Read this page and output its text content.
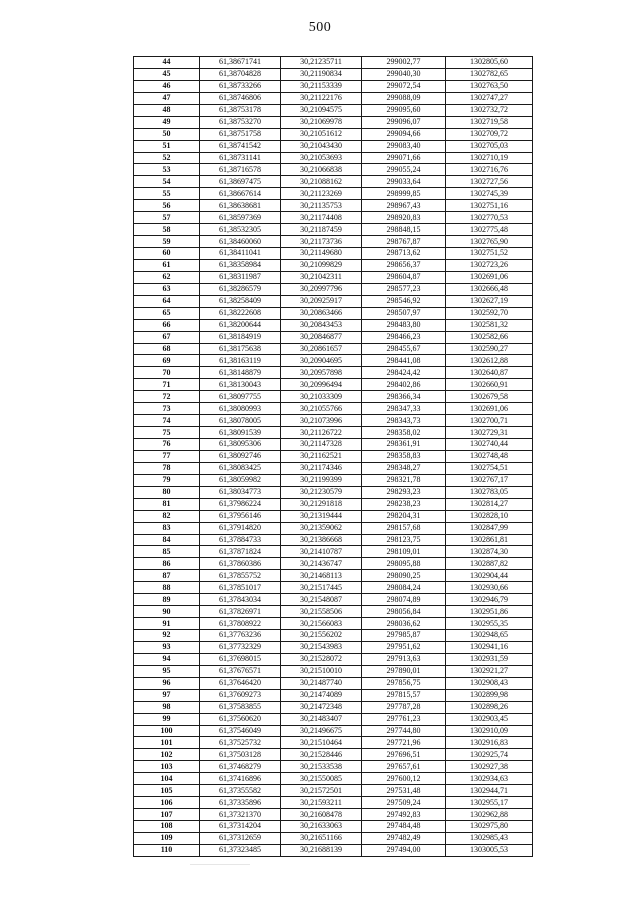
500
44	61,38671741	30,21235711	299002,77	1302805,60
45	61,38704828	30,21190834	299040,30	1302782,65
46	61,38733266	30,21153339	299072,54	1302763,50
47	61,38746806	30,21122176	299088,09	1302747,27
48	61,38753178	30,21094575	299095,60	1302732,72
49	61,38753270	30,21069978	299096,07	1302719,58
50	61,38751758	30,21051612	299094,66	1302709,72
51	61,38741542	30,21043430	299083,40	1302705,03
52	61,38731141	30,21053693	299071,66	1302710,19
53	61,38716578	30,21066838	299055,24	1302716,76
54	61,38697475	30,21088162	299033,64	1302727,56
55	61,38667614	30,21123269	298999,85	1302745,39
56	61,38638681	30,21135753	298967,43	1302751,16
57	61,38597369	30,21174408	298920,83	1302770,53
58	61,38532305	30,21187459	298848,15	1302775,48
59	61,38460060	30,21173736	298767,87	1302765,90
60	61,38411041	30,21149680	298713,62	1302751,52
61	61,38358984	30,21099829	298656,37	1302723,26
62	61,38311987	30,21042311	298604,87	1302691,06
63	61,38286579	30,20997796	298577,23	1302666,48
64	61,38258409	30,20925917	298546,92	1302627,19
65	61,38222608	30,20863466	298507,97	1302592,70
66	61,38200644	30,20843453	298483,80	1302581,32
67	61,38184919	30,20846877	298466,23	1302582,66
68	61,38175638	30,20861657	298455,67	1302590,27
69	61,38163119	30,20904695	298441,08	1302612,88
70	61,38148879	30,20957898	298424,42	1302640,87
71	61,38130043	30,20996494	298402,86	1302660,91
72	61,38097755	30,21033309	298366,34	1302679,58
73	61,38080993	30,21055766	298347,33	1302691,06
74	61,38078005	30,21073996	298343,73	1302700,71
75	61,38091539	30,21126722	298358,02	1302729,31
76	61,38095306	30,21147328	298361,91	1302740,44
77	61,38092746	30,21162521	298358,83	1302748,48
78	61,38083425	30,21174346	298348,27	1302754,51
79	61,38059982	30,21199399	298321,78	1302767,17
80	61,38034773	30,21230579	298293,23	1302783,05
81	61,37986224	30,21291818	298238,23	1302814,27
82	61,37956146	30,21319444	298204,31	1302828,10
83	61,37914820	30,21359062	298157,68	1302847,99
84	61,37884733	30,21386668	298123,75	1302861,81
85	61,37871824	30,21410787	298109,01	1302874,30
86	61,37860386	30,21436747	298095,88	1302887,82
87	61,37855752	30,21468113	298090,25	1302904,44
88	61,37851017	30,21517445	298084,24	1302930,66
89	61,37843034	30,21548087	298074,89	1302946,79
90	61,37826971	30,21558506	298056,84	1302951,86
91	61,37808922	30,21566083	298036,62	1302955,35
92	61,37763236	30,21556202	297985,87	1302948,65
93	61,37732329	30,21543983	297951,62	1302941,16
94	61,37698015	30,21528072	297913,63	1302931,59
95	61,37676571	30,21510010	297890,01	1302921,27
96	61,37646420	30,21487740	297856,75	1302908,43
97	61,37609273	30,21474089	297815,57	1302899,98
98	61,37583855	30,21472348	297787,28	1302898,26
99	61,37560620	30,21483407	297761,23	1302903,45
100	61,37546049	30,21496675	297744,80	1302910,09
101	61,37525732	30,21510464	297721,96	1302916,83
102	61,37503128	30,21528446	297696,51	1302925,74
103	61,37468279	30,21533538	297657,61	1302927,38
104	61,37416896	30,21550085	297600,12	1302934,63
105	61,37355582	30,21572501	297531,48	1302944,71
106	61,37335896	30,21593211	297509,24	1302955,17
107	61,37321370	30,21608478	297492,83	1302962,88
108	61,37314204	30,21633063	297484,48	1302975,80
109	61,37312659	30,21651166	297482,49	1302985,43
110	61,37323485	30,21688139	297494,00	1303005,53
